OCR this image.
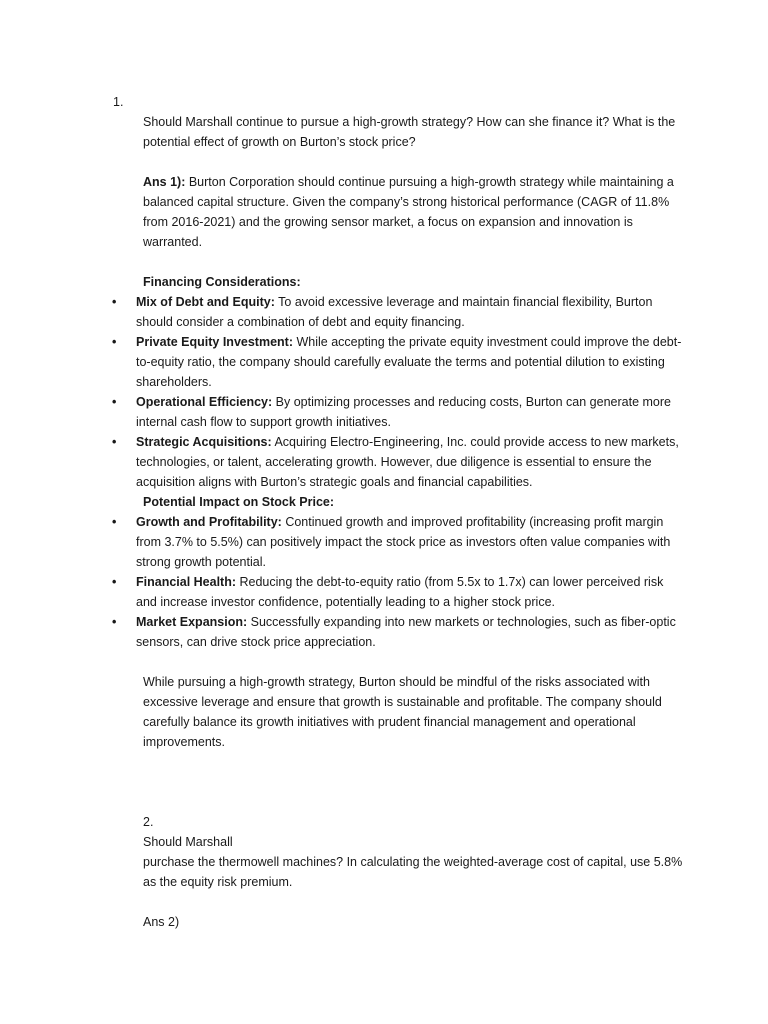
1.
Should Marshall continue to pursue a high-growth strategy? How can she finance it? What is the potential effect of growth on Burton’s stock price?
Ans 1): Burton Corporation should continue pursuing a high-growth strategy while maintaining a balanced capital structure. Given the company’s strong historical performance (CAGR of 11.8% from 2016-2021) and the growing sensor market, a focus on expansion and innovation is warranted.
Financing Considerations:
• Mix of Debt and Equity: To avoid excessive leverage and maintain financial flexibility, Burton should consider a combination of debt and equity financing.
• Private Equity Investment: While accepting the private equity investment could improve the debt-to-equity ratio, the company should carefully evaluate the terms and potential dilution to existing shareholders.
• Operational Efficiency: By optimizing processes and reducing costs, Burton can generate more internal cash flow to support growth initiatives.
• Strategic Acquisitions: Acquiring Electro-Engineering, Inc. could provide access to new markets, technologies, or talent, accelerating growth. However, due diligence is essential to ensure the acquisition aligns with Burton’s strategic goals and financial capabilities.
Potential Impact on Stock Price:
• Growth and Profitability: Continued growth and improved profitability (increasing profit margin from 3.7% to 5.5%) can positively impact the stock price as investors often value companies with strong growth potential.
• Financial Health: Reducing the debt-to-equity ratio (from 5.5x to 1.7x) can lower perceived risk and increase investor confidence, potentially leading to a higher stock price.
• Market Expansion: Successfully expanding into new markets or technologies, such as fiber-optic sensors, can drive stock price appreciation.
While pursuing a high-growth strategy, Burton should be mindful of the risks associated with excessive leverage and ensure that growth is sustainable and profitable. The company should carefully balance its growth initiatives with prudent financial management and operational improvements.
2.
Should Marshall
purchase the thermowell machines? In calculating the weighted-average cost of capital, use 5.8% as the equity risk premium.
Ans 2)
